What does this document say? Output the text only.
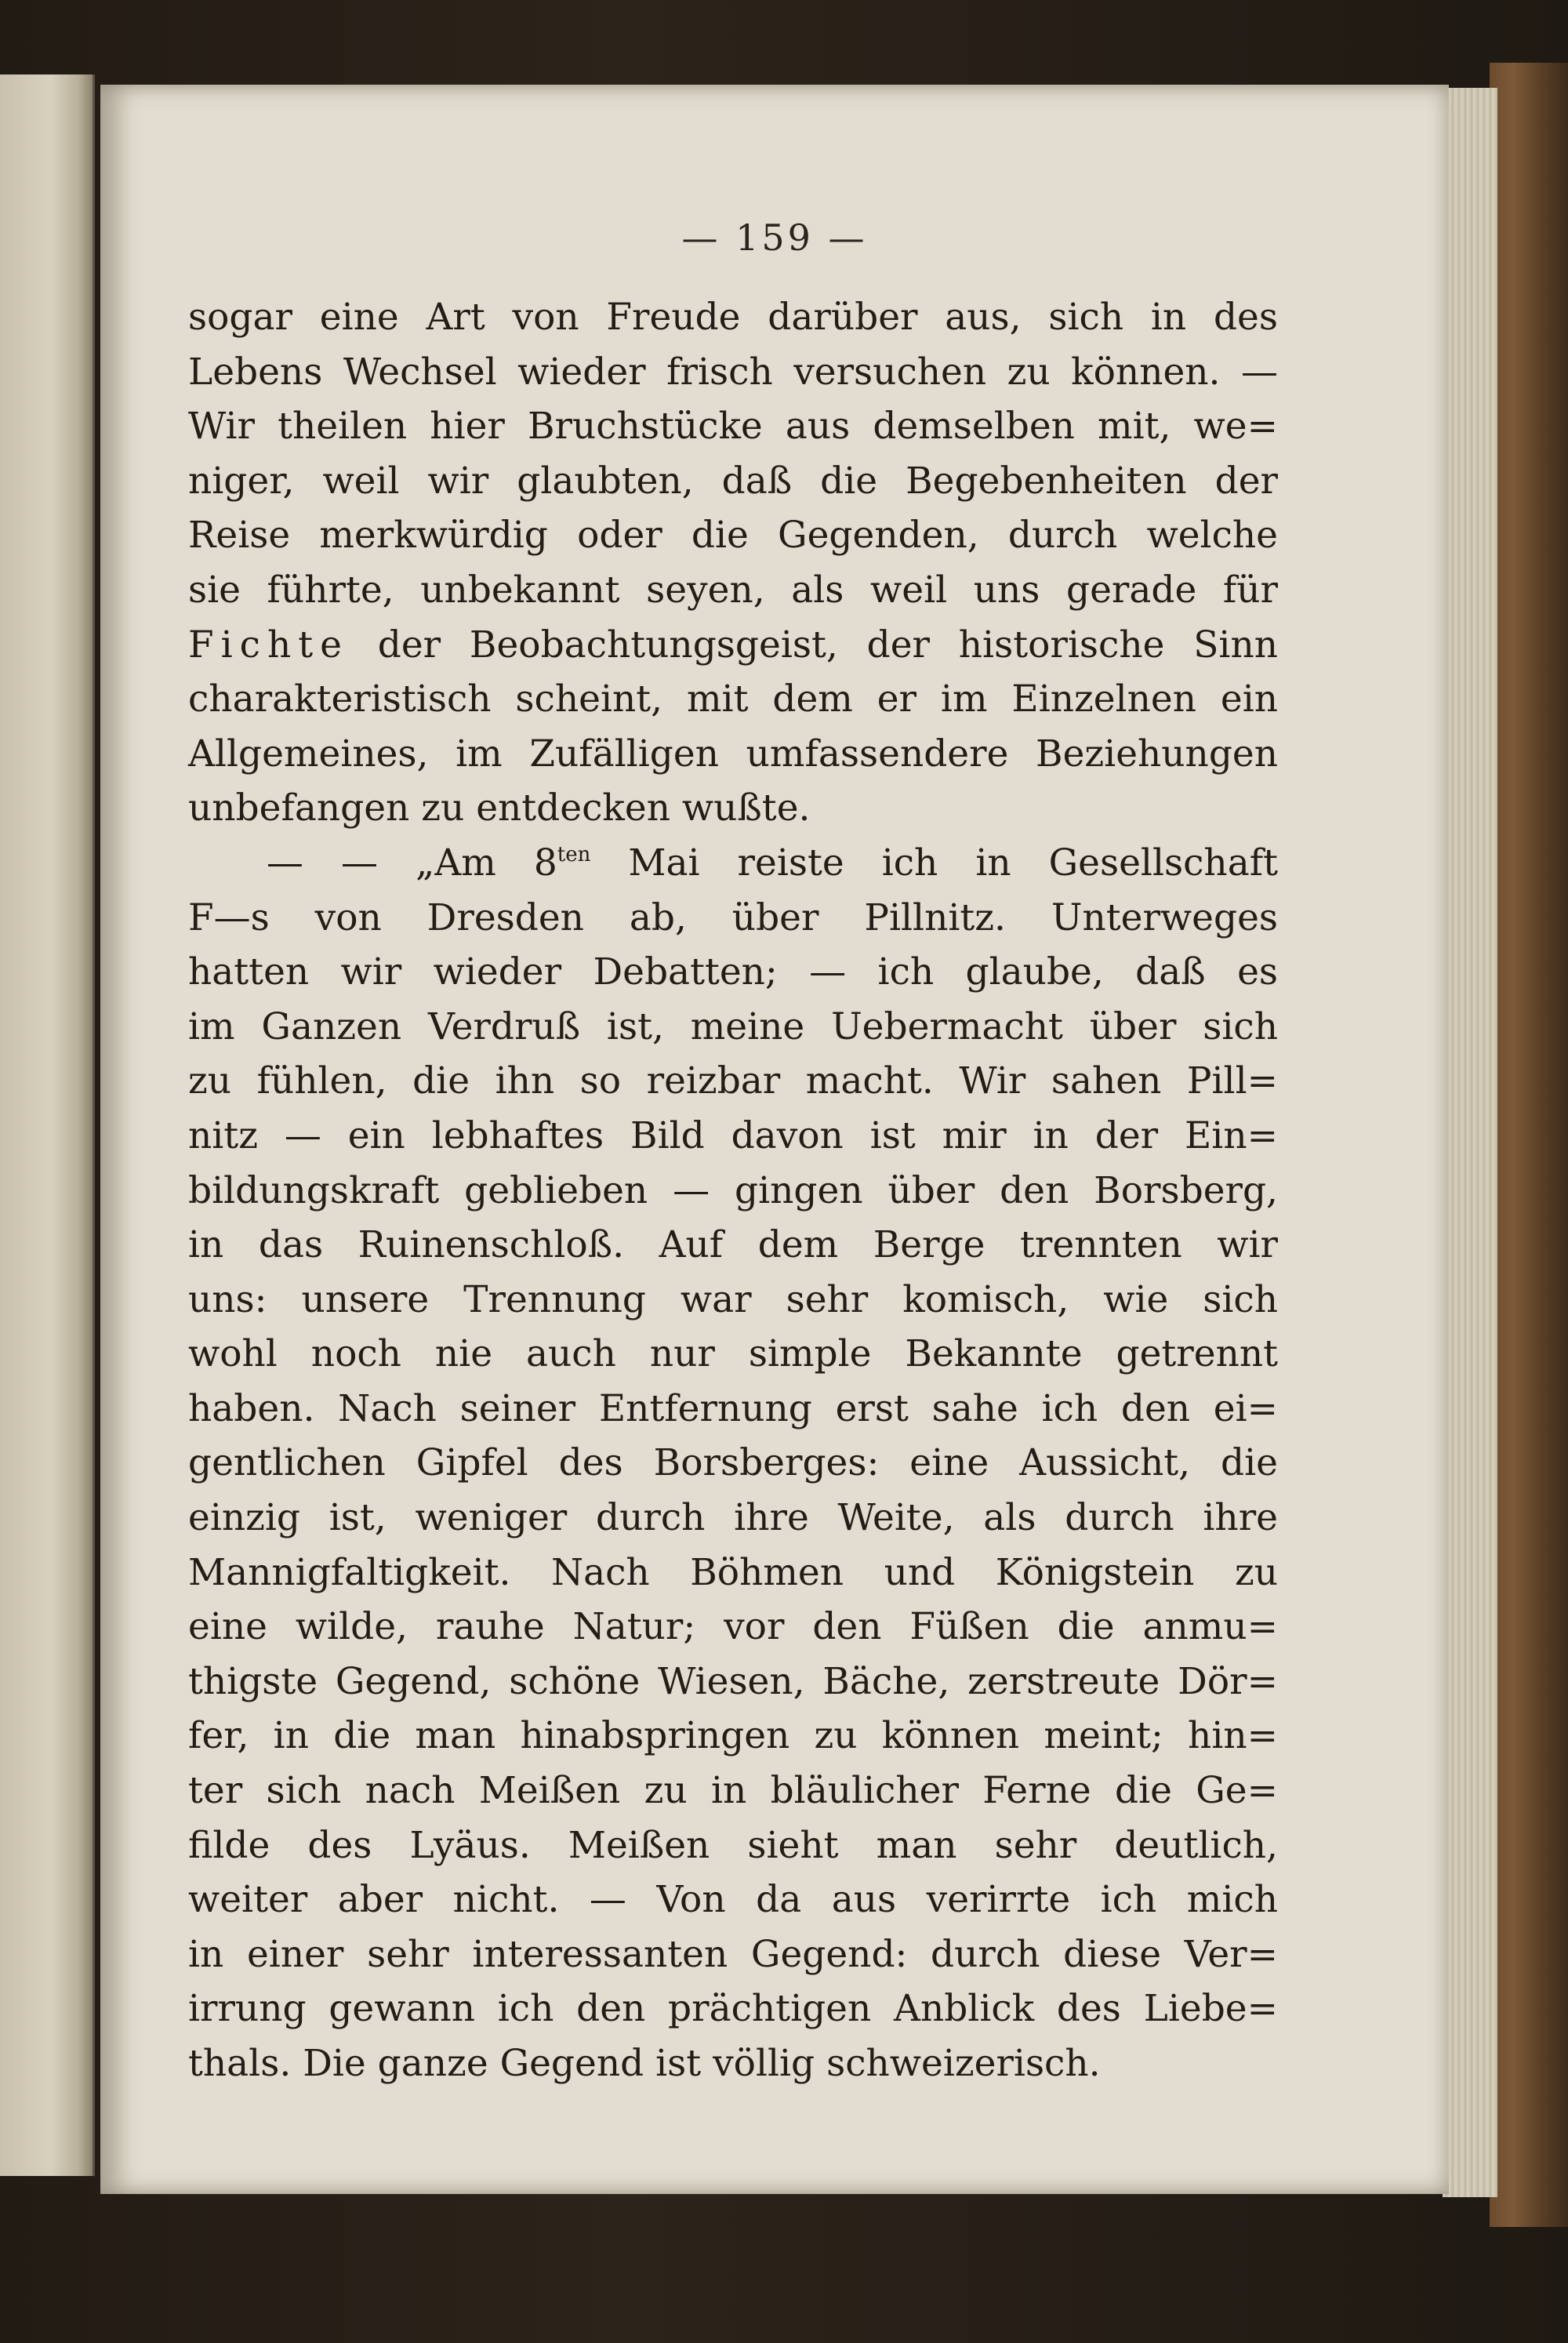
— 159 —
sogar eine Art von Freude darüber aus, sich in des
Lebens Wechsel wieder frisch versuchen zu können. —
Wir theilen hier Bruchstücke aus demselben mit, we=
niger, weil wir glaubten, daß die Begebenheiten der
Reise merkwürdig oder die Gegenden, durch welche
sie führte, unbekannt seyen, als weil uns gerade für
Fichte der Beobachtungsgeist, der historische Sinn
charakteristisch scheint, mit dem er im Einzelnen ein
Allgemeines, im Zufälligen umfassendere Beziehungen
unbefangen zu entdecken wußte.
— — „Am $8^{ten}$ Mai reiste ich in Gesellschaft
F—s von Dresden ab, über Pillnitz. Unterweges
hatten wir wieder Debatten; — ich glaube, daß es
im Ganzen Verdruß ist, meine Uebermacht über sich
zu fühlen, die ihn so reizbar macht. Wir sahen Pill=
nitz — ein lebhaftes Bild davon ist mir in der Ein=
bildungskraft geblieben — gingen über den Borsberg,
in das Ruinenschloß. Auf dem Berge trennten wir
uns: unsere Trennung war sehr komisch, wie sich
wohl noch nie auch nur simple Bekannte getrennt
haben. Nach seiner Entfernung erst sahe ich den ei=
gentlichen Gipfel des Borsberges: eine Aussicht, die
einzig ist, weniger durch ihre Weite, als durch ihre
Mannigfaltigkeit. Nach Böhmen und Königstein zu
eine wilde, rauhe Natur; vor den Füßen die anmu=
thigste Gegend, schöne Wiesen, Bäche, zerstreute Dör=
fer, in die man hinabspringen zu können meint; hin=
ter sich nach Meißen zu in bläulicher Ferne die Ge=
filde des Lyäus. Meißen sieht man sehr deutlich,
weiter aber nicht. — Von da aus verirrte ich mich
in einer sehr interessanten Gegend: durch diese Ver=
irrung gewann ich den prächtigen Anblick des Liebe=
thals. Die ganze Gegend ist völlig schweizerisch.
